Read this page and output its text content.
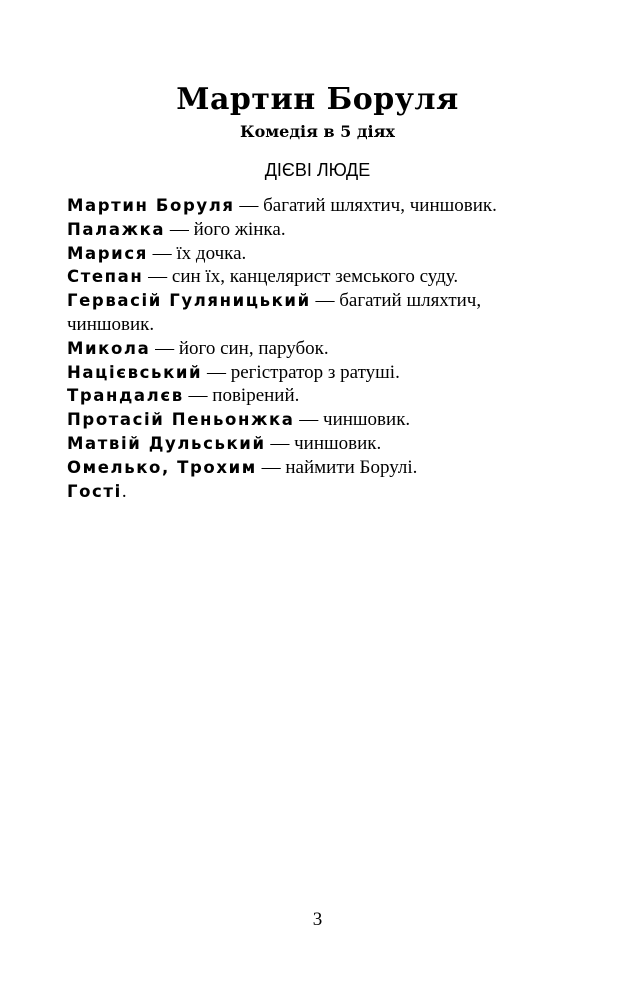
Мартин Боруля
Комедія в 5 діях
ДІЄВІ ЛЮДЕ
Мартин Боруля — багатий шляхтич, чиншовик.
Палажка — його жінка.
Марися — їх дочка.
Степан — син їх, канцелярист земського суду.
Гервасій Гуляницький — багатий шляхтич, чиншовик.
Микола — його син, парубок.
Націєвський — регістратор з ратуші.
Трандалєв — повірений.
Протасій Пеньонжка — чиншовик.
Матвій Дульський — чиншовик.
Омелько, Трохим — наймити Борулі.
Гості.
3
